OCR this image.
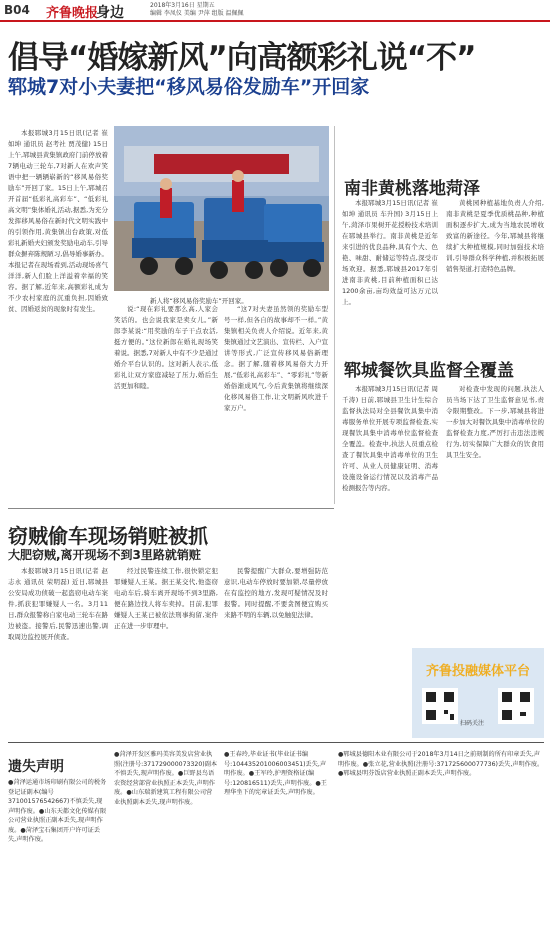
B04 齐鲁晚报
身边	2018年3月16日 星期五
编辑 李凤仪 美编 尹萍 组版 温佩佩
倡导“婚嫁新风”向高额彩礼说“不”
郓城7对小夫妻把“移风易俗发励车”开回家

本报郓城3月15日讯(记者 崔如坤 通讯员 赵考社 贾茂健) 15日上午,郓城县黄集镇政府门前停放着7辆电动三轮车,7对新人在欢声笑语中把一辆辆崭新的“移风易俗奖励车”开回了家。15日上午,郓城召开首届“低彩礼高彩车”、“低彩礼高文明”集体婚礼活动,据悉,为充分发挥移风易俗在新时代文明实践中的引领作用,黄集镇出台政策,对低彩礼新婚夫妇颁发奖励电动车,引导群众摒弃陈规陋习,倡导婚事新办。本报记者在现场看到,活动现场喜气洋洋,新人们脸上洋溢着幸福的笑容。据了解,近年来,高额彩礼成为不少农村家庭的沉重负担,因婚致贫、因婚返贫的现象时有发生。

新人将“移风易俗奖励车”开回家。

说:“现在彩礼要那么高,人家会笑话的。也会说我家是卖女儿。”新郎李某说:“用奖励的车子干点农活,挺方便的。”这位新郎在婚礼现场笑着说。据悉,7对新人中有不少是通过婚介平台认识的。这对新人表示,低彩礼让双方家庭减轻了压力,婚后生活更加和睦。

“这7对夫妻虽然领的奖励车型号一样,但各自的故事却不一样。”黄集镇相关负责人介绍说。近年来,黄集镇通过文艺演出、宣传栏、入户宣讲等形式,广泛宣传移风易俗新理念。据了解,随着移风易俗大力开展,“低彩礼高彩车”、“零彩礼”等新婚俗渐成风气,今后黄集镇将继续深化移风易俗工作,让文明新风吹进千家万户。

南非黄桃落地菏泽

本报郓城3月15日讯(记者 崔如坤 通讯员 车升国) 3月15日上午,菏泽市果树开花授粉技术培训在郓城县举行。南非黄桃是近年来引进的优良品种,具有个大、色艳、味甜、耐储运等特点,深受市场欢迎。据悉,郓城县2017年引进南非黄桃,目前种植面积已达1200余亩,亩均效益可达万元以上。

黄桃园种植基地负责人介绍,南非黄桃是夏季优质桃品种,种植面积逐步扩大,成为当地农民增收致富的新途径。今年,郓城县将继续扩大种植规模,同时加强技术培训,引导群众科学种植,并积极拓展销售渠道,打造特色品牌。

郓城餐饮具监督全覆盖

本报郓城3月15日讯(记者 周千涛) 日前,郓城县卫生计生综合监督执法局对全县餐饮具集中消毒服务单位开展专项监督检查,实现餐饮具集中消毒单位监督检查全覆盖。检查中,执法人员重点检查了餐饮具集中消毒单位的卫生许可、从业人员健康证明、消毒设施设备运行情况以及消毒产品检测报告等内容。

对检查中发现的问题,执法人员当场下达了卫生监督意见书,责令限期整改。下一步,郓城县将进一步加大对餐饮具集中消毒单位的监督检查力度,严厉打击违法违规行为,切实保障广大群众的饮食用具卫生安全。

窃贼偷车现场销赃被抓
大肥窃贼,离开现场不到3里路就销赃

本报郓城3月15日讯(记者 赵志永 通讯员 荣明磊) 近日,郓城县公安局成功侦破一起盗窃电动车案件,抓获犯罪嫌疑人一名。3月11日,群众报警称自家电动三轮车在路边被盗。接警后,民警迅速出警,调取周边监控展开侦查。

经过民警连续工作,很快锁定犯罪嫌疑人王某。据王某交代,他盗窃电动车后,骑车离开现场不到3里路,便在路边找人将车卖掉。目前,犯罪嫌疑人王某已被依法刑事拘留,案件正在进一步审理中。

民警提醒广大群众,要增强防范意识,电动车停放时要加锁,尽量停放在有监控的地方,发现可疑情况及时报警。同时提醒,不要贪图便宜购买来路不明的车辆,以免触犯法律。

齐鲁投融媒体平台
扫码关注
遗失声明
●菏泽运通市场印刷有限公司的税务登记证副本(编号371001576542667)不慎丢失,现声明作废。●山东天都文化传媒有限公司营业执照正副本丢失,现声明作废。●菏泽宝石集团开户许可证丢失,声明作废。
●菏泽开发区雅玛美容美发店营业执照(注册号:371729000073320)副本不慎丢失,现声明作废。●巨野县鸟语农资经营部营业执照正本丢失,声明作废。●山东瑞新建筑工程有限公司营业执照副本丢失,现声明作废。
●王春玲,毕业证书(毕业证书编号:104435201006003451)丢失,声明作废。●王军玲,护理资格证(编号:120816511)丢失,声明作废。●王理华坐下的宪章证丢失,声明作废。
●郓城县德阳木业有限公司于2018年3月14日之前刻制的所有印章丢失,声明作废。●张立花,营业执照(注册号:371725600077736)丢失,声明作废。●郓城县明芬饭店营业执照正副本丢失,声明作废。
